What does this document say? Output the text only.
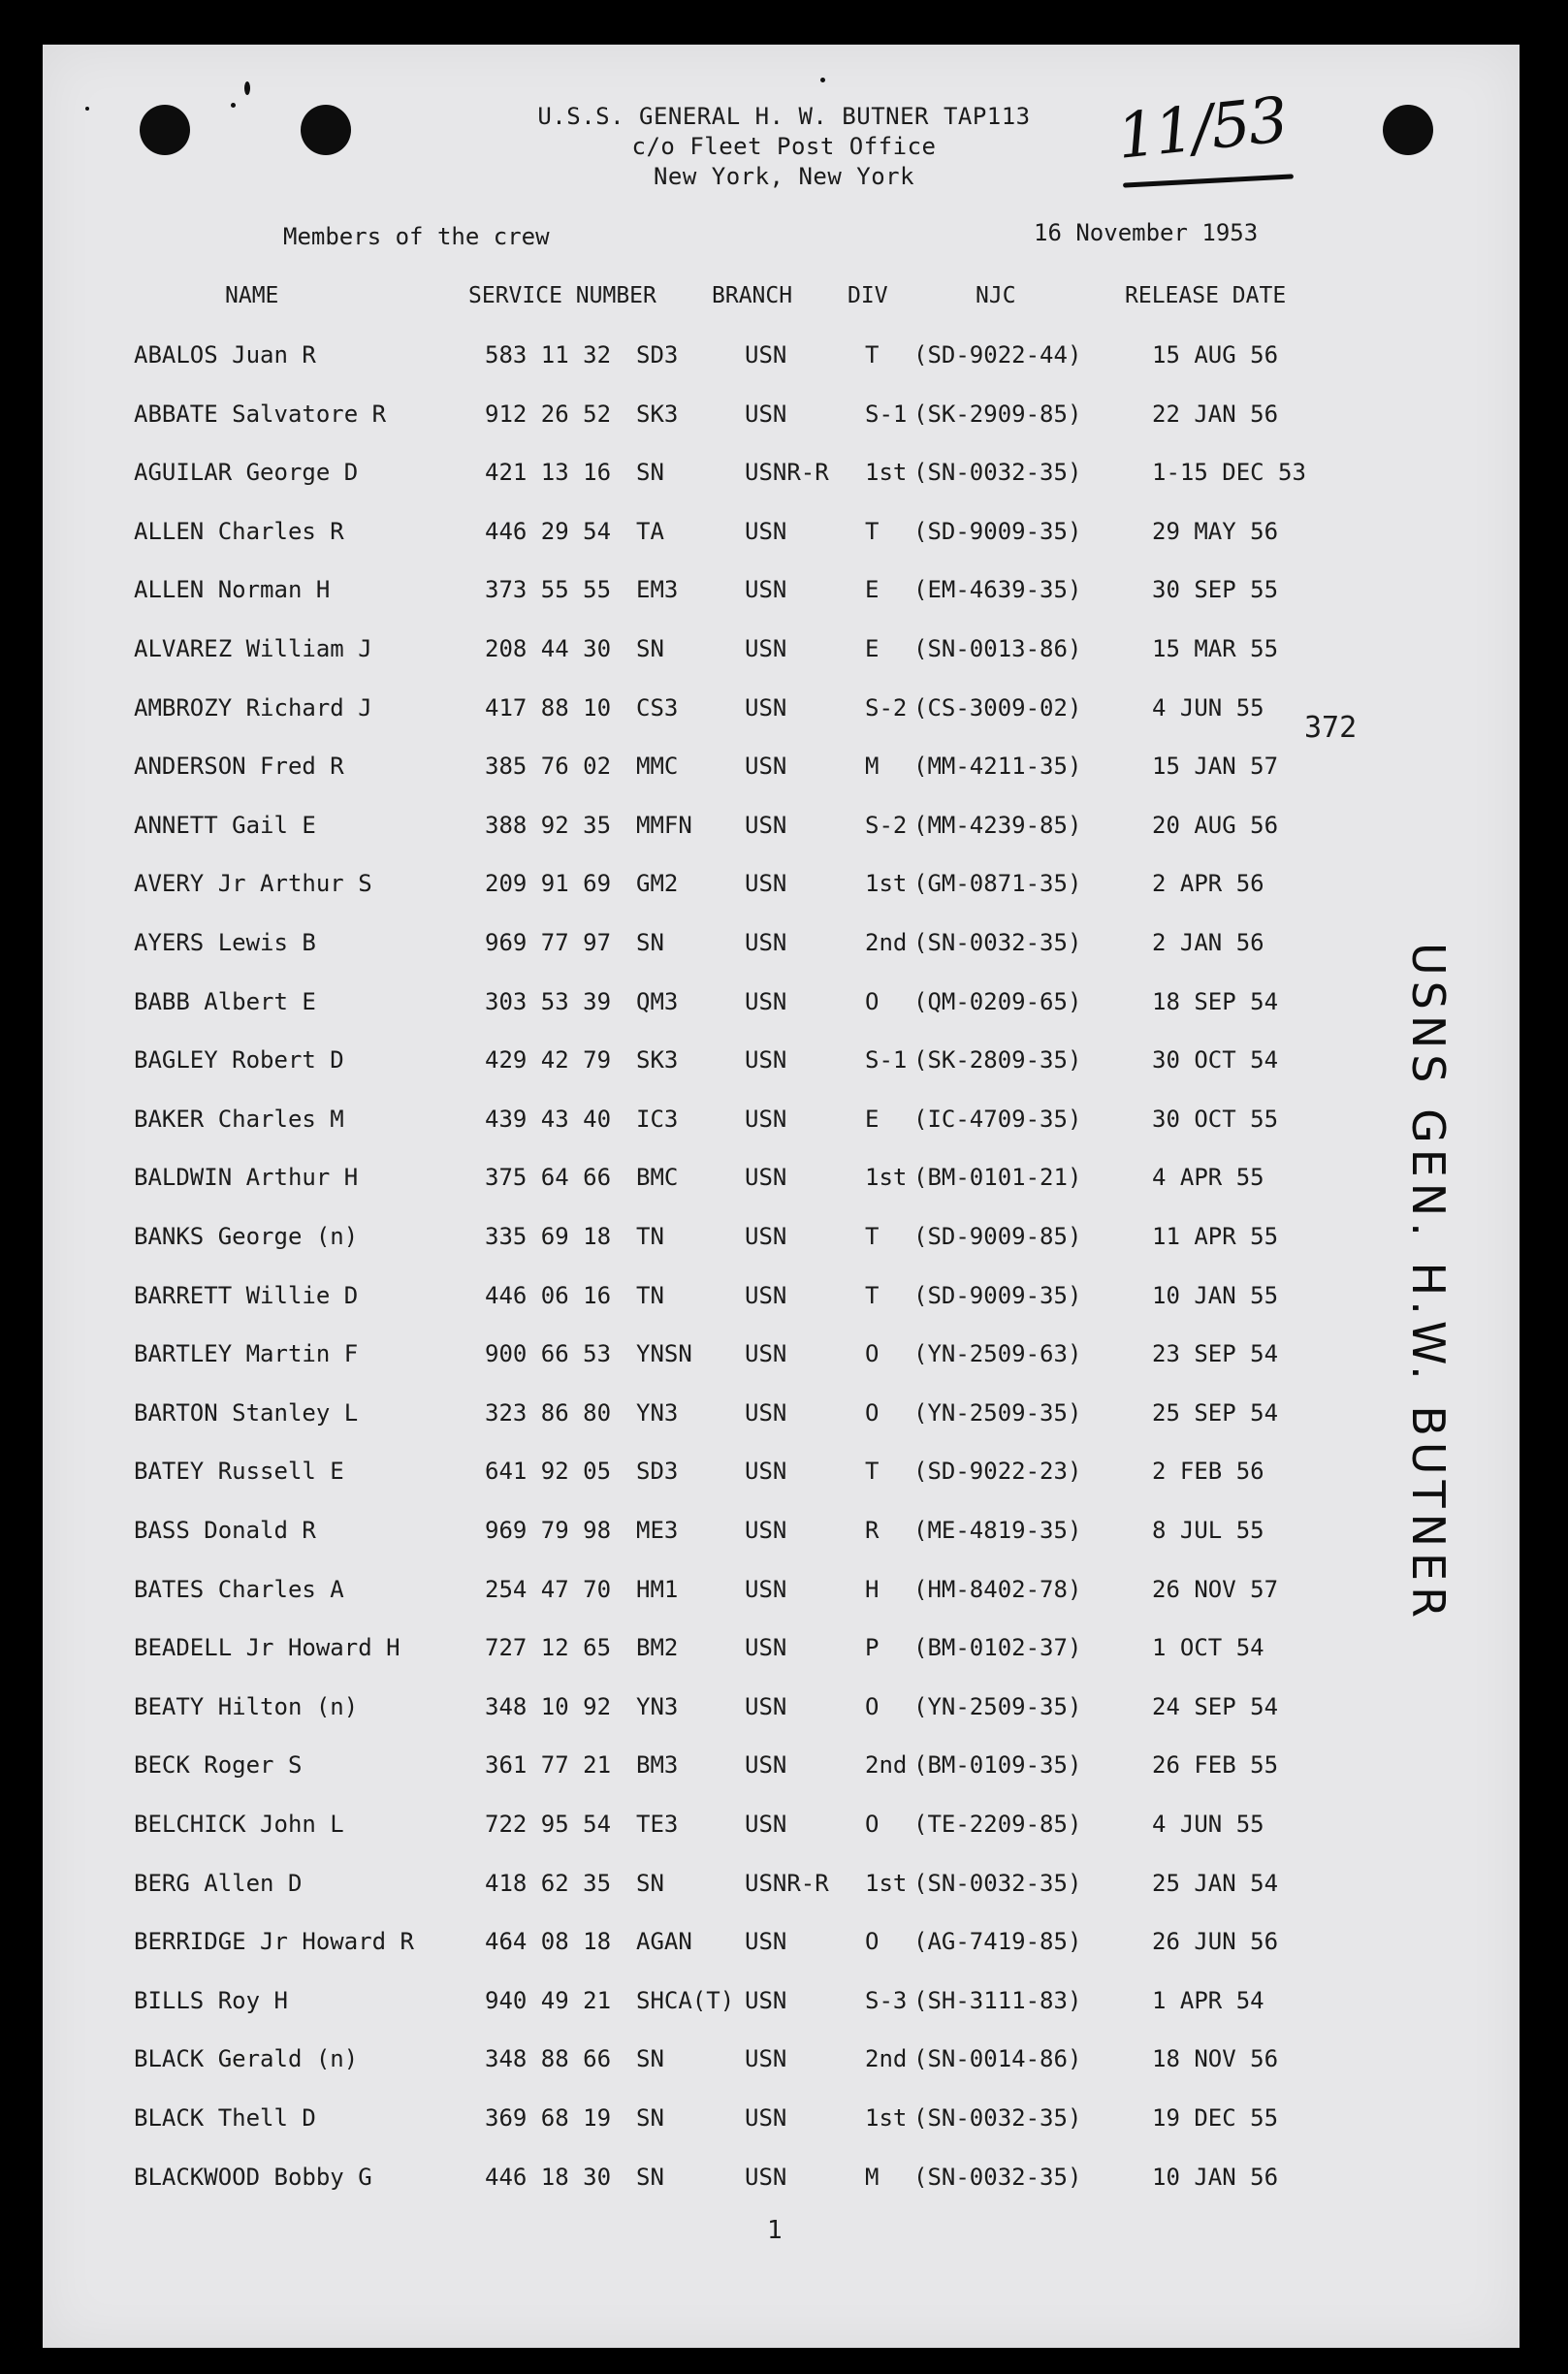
U.S.S. GENERAL H. W. BUTNER TAP113
c/o Fleet Post Office
New York, New York
11/53
Members of the crew	16 November 1953
NAME	SERVICE NUMBER BRANCH DIV	NJC	RELEASE DATE
ABALOS Juan R	583 11 32 SD3	USN	T (SD-9022-44)	15 AUG 56
ABBATE Salvatore R	912 26 52 SK3	USN	S-1 (SK-2909-85)	22 JAN 56
AGUILAR George D	421 13 16 SN	USNR-R 1st (SN-0032-35)	1-15 DEC 53
ALLEN Charles R	446 29 54 TA	USN	T (SD-9009-35)	29 MAY 56
ALLEN Norman H	373 55 55 EM3	USN	E (EM-4639-35)	30 SEP 55
ALVAREZ William J	208 44 30 SN	USN	E (SN-0013-86)	15 MAR 55
AMBROZY Richard J	417 88 10 CS3	USN	S-2 (CS-3009-02)	4 JUN 55
ANDERSON Fred R	385 76 02 MMC	USN	M (MM-4211-35)	15 JAN 57
ANNETT Gail E	388 92 35 MMFN USN	S-2 (MM-4239-85)	20 AUG 56
AVERY Jr Arthur S	209 91 69 GM2	USN	1st (GM-0871-35)	2 APR 56
AYERS Lewis B	969 77 97 SN	USN	2nd (SN-0032-35)	2 JAN 56
BABB Albert E	303 53 39 QM3	USN	O (QM-0209-65)	18 SEP 54
BAGLEY Robert D	429 42 79 SK3	USN	S-1 (SK-2809-35)	30 OCT 54
BAKER Charles M	439 43 40 IC3	USN	E (IC-4709-35)	30 OCT 55
BALDWIN Arthur H	375 64 66 BMC	USN	1st (BM-0101-21)	4 APR 55
BANKS George (n)	335 69 18 TN	USN	T (SD-9009-85)	11 APR 55
BARRETT Willie D	446 06 16 TN	USN	T (SD-9009-35)	10 JAN 55
BARTLEY Martin F	900 66 53 YNSN USN	O (YN-2509-63)	23 SEP 54
BARTON Stanley L	323 86 80 YN3	USN	O (YN-2509-35)	25 SEP 54
BATEY Russell E	641 92 05 SD3	USN	T (SD-9022-23)	2 FEB 56
BASS Donald R	969 79 98 ME3	USN	R (ME-4819-35)	8 JUL 55
BATES Charles A	254 47 70 HM1	USN	H (HM-8402-78)	26 NOV 57
BEADELL Jr Howard H	727 12 65 BM2	USN	P (BM-0102-37)	1 OCT 54
BEATY Hilton (n)	348 10 92 YN3	USN	O (YN-2509-35)	24 SEP 54
BECK Roger S	361 77 21 BM3	USN	2nd (BM-0109-35)	26 FEB 55
BELCHICK John L	722 95 54 TE3	USN	O (TE-2209-85)	4 JUN 55
BERG Allen D	418 62 35 SN	USNR-R 1st (SN-0032-35)	25 JAN 54
BERRIDGE Jr Howard R	464 08 18 AGAN USN	O (AG-7419-85)	26 JUN 56
BILLS Roy H	940 49 21 SHCA(T) USN	S-3 (SH-3111-83)	1 APR 54
BLACK Gerald (n)	348 88 66 SN	USN	2nd (SN-0014-86)	18 NOV 56
BLACK Thell D	369 68 19 SN	USN	1st (SN-0032-35)	19 DEC 55
BLACKWOOD Bobby G	446 18 30 SN	USN	M (SN-0032-35)	10 JAN 56
372
USNS GEN. H.W. BUTNER
1
